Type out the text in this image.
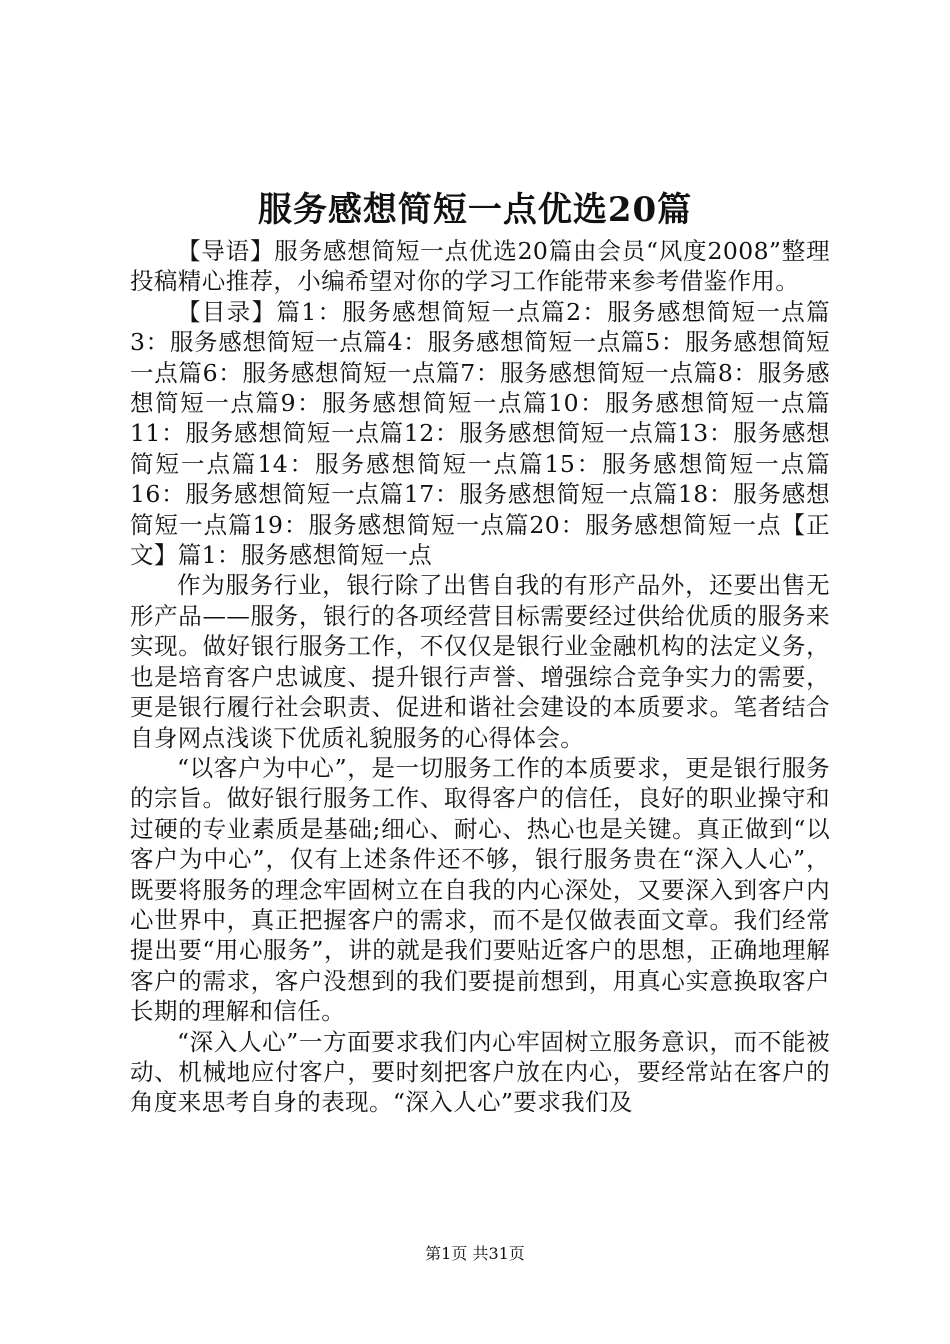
服务感想简短一点优选20篇

【导语】服务感想简短一点优选20篇由会员“风度2008”整理投稿精心推荐，小编希望对你的学习工作能带来参考借鉴作用。

【目录】篇1：服务感想简短一点篇2：服务感想简短一点篇3：服务感想简短一点篇4：服务感想简短一点篇5：服务感想简短一点篇6：服务感想简短一点篇7：服务感想简短一点篇8：服务感想简短一点篇9：服务感想简短一点篇10：服务感想简短一点篇11：服务感想简短一点篇12：服务感想简短一点篇13：服务感想简短一点篇14：服务感想简短一点篇15：服务感想简短一点篇16：服务感想简短一点篇17：服务感想简短一点篇18：服务感想简短一点篇19：服务感想简短一点篇20：服务感想简短一点【正文】篇1：服务感想简短一点

作为服务行业，银行除了出售自我的有形产品外，还要出售无形产品——服务，银行的各项经营目标需要经过供给优质的服务来实现。做好银行服务工作，不仅仅是银行业金融机构的法定义务，也是培育客户忠诚度、提升银行声誉、增强综合竞争实力的需要，更是银行履行社会职责、促进和谐社会建设的本质要求。笔者结合自身网点浅谈下优质礼貌服务的心得体会。

“以客户为中心”，是一切服务工作的本质要求，更是银行服务的宗旨。做好银行服务工作、取得客户的信任，良好的职业操守和过硬的专业素质是基础;细心、耐心、热心也是关键。真正做到“以客户为中心”，仅有上述条件还不够，银行服务贵在“深入人心”，既要将服务的理念牢固树立在自我的内心深处，又要深入到客户内心世界中，真正把握客户的需求，而不是仅做表面文章。我们经常提出要“用心服务”，讲的就是我们要贴近客户的思想，正确地理解客户的需求，客户没想到的我们要提前想到，用真心实意换取客户长期的理解和信任。

“深入人心”一方面要求我们内心牢固树立服务意识，而不能被动、机械地应付客户，要时刻把客户放在内心，要经常站在客户的角度来思考自身的表现。“深入人心”要求我们及

第1页 共31页
